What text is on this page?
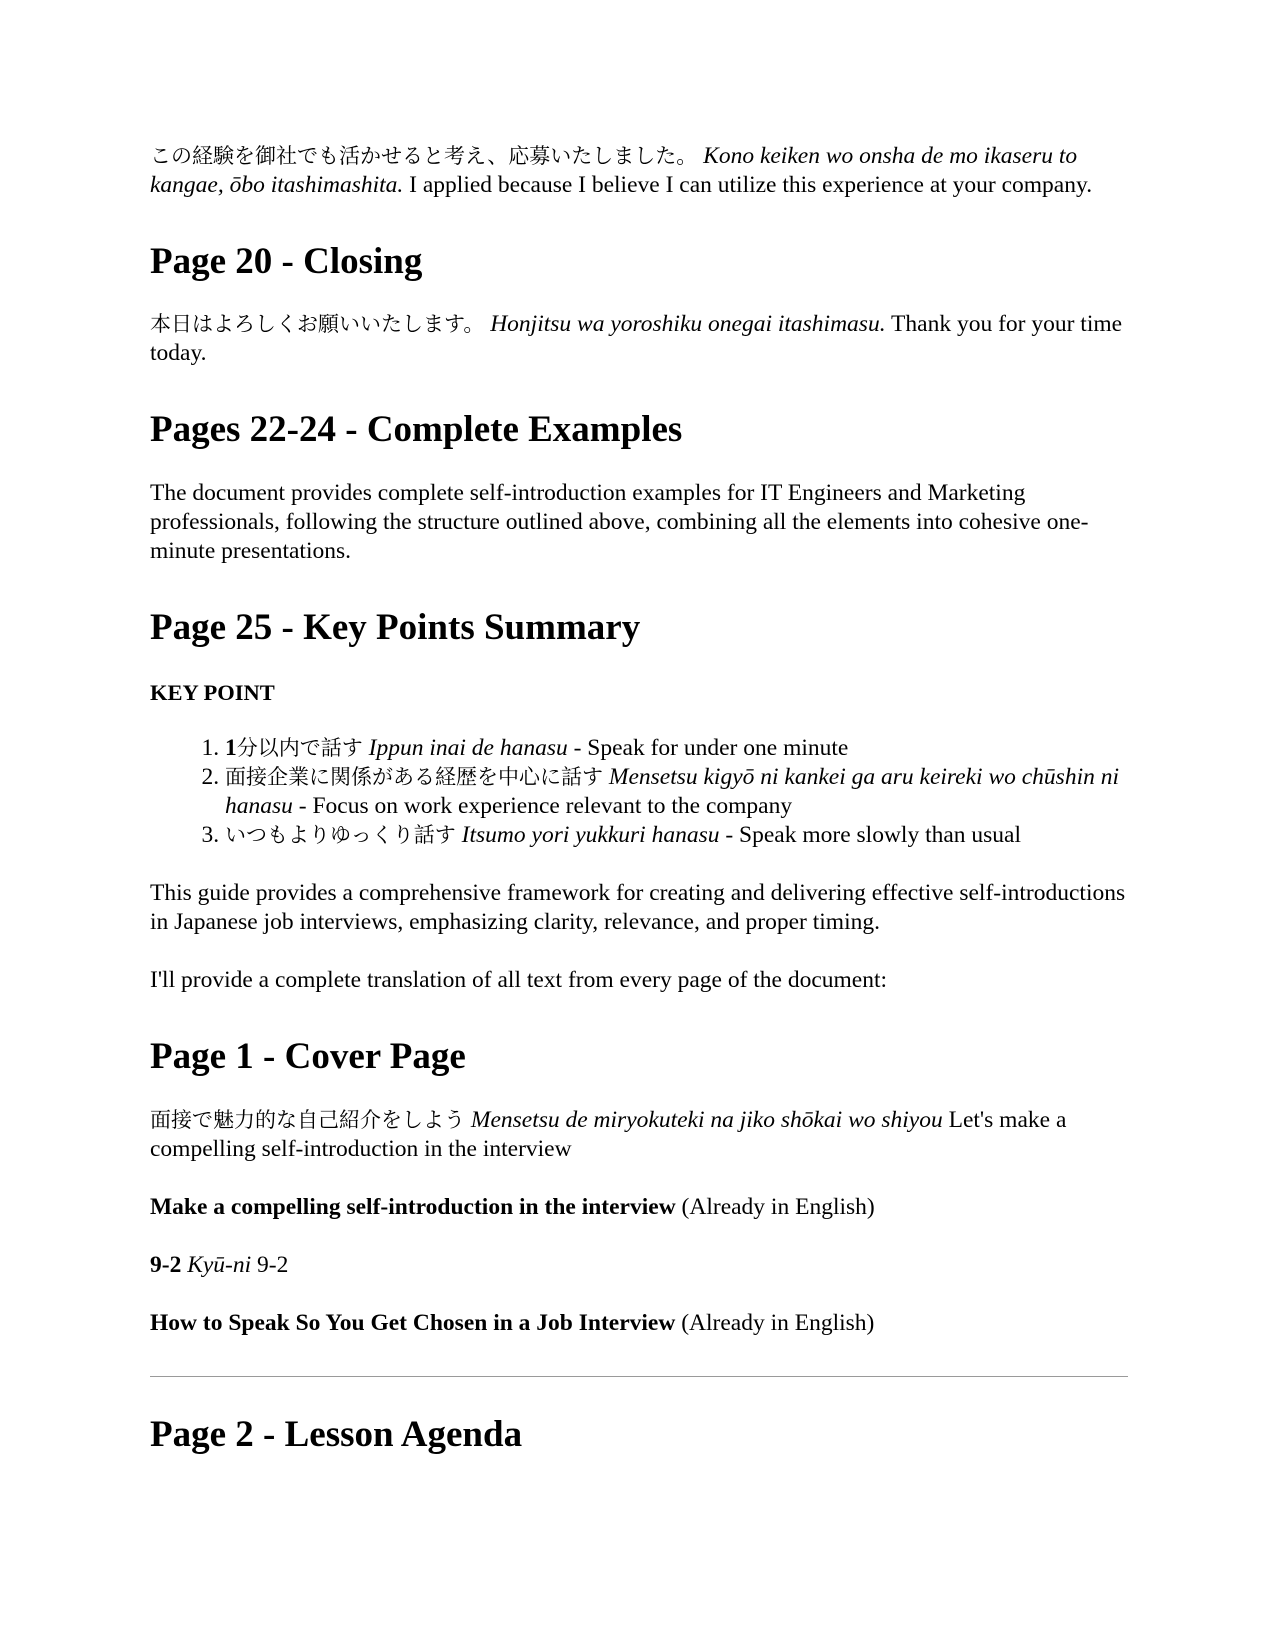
この経験を御社でも活かせると考え、応募いたしました。 Kono keiken wo onsha de mo ikaseru to kangae, ōbo itashimashita. I applied because I believe I can utilize this experience at your company.

Page 20 - Closing

本日はよろしくお願いいたします。 Honjitsu wa yoroshiku onegai itashimasu. Thank you for your time today.

Pages 22-24 - Complete Examples

The document provides complete self-introduction examples for IT Engineers and Marketing professionals, following the structure outlined above, combining all the elements into cohesive one-minute presentations.

Page 25 - Key Points Summary

KEY POINT

1. 1分以内で話す Ippun inai de hanasu - Speak for under one minute
2. 面接企業に関係がある経歴を中心に話す Mensetsu kigyō ni kankei ga aru keireki wo chūshin ni hanasu - Focus on work experience relevant to the company
3. いつもよりゆっくり話す Itsumo yori yukkuri hanasu - Speak more slowly than usual

This guide provides a comprehensive framework for creating and delivering effective self-introductions in Japanese job interviews, emphasizing clarity, relevance, and proper timing.

I'll provide a complete translation of all text from every page of the document:

Page 1 - Cover Page

面接で魅力的な自己紹介をしよう Mensetsu de miryokuteki na jiko shōkai wo shiyou Let's make a compelling self-introduction in the interview

Make a compelling self-introduction in the interview (Already in English)

9-2 Kyū-ni 9-2

How to Speak So You Get Chosen in a Job Interview (Already in English)

Page 2 - Lesson Agenda
